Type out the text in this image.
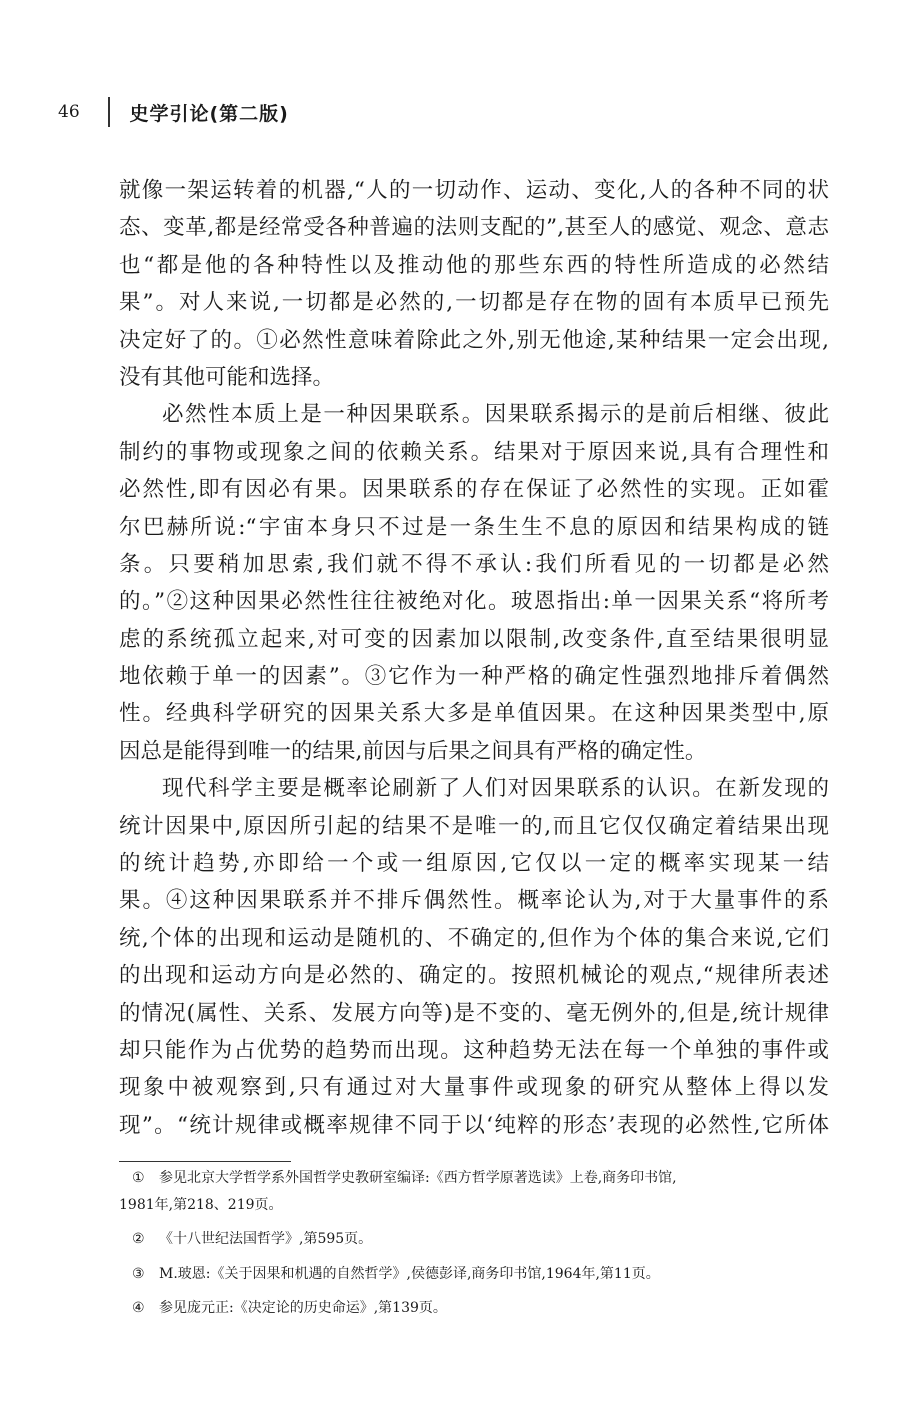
46	史学引论(第二版)
就像一架运转着的机器,“人的一切动作、运动、变化,人的各种不同的状
态、变革,都是经常受各种普遍的法则支配的”,甚至人的感觉、观念、意志
也“都是他的各种特性以及推动他的那些东西的特性所造成的必然结
果”。对人来说,一切都是必然的,一切都是存在物的固有本质早已预先
决定好了的。①必然性意味着除此之外,别无他途,某种结果一定会出现,
没有其他可能和选择。
必然性本质上是一种因果联系。因果联系揭示的是前后相继、彼此
制约的事物或现象之间的依赖关系。结果对于原因来说,具有合理性和
必然性,即有因必有果。因果联系的存在保证了必然性的实现。正如霍
尔巴赫所说:“宇宙本身只不过是一条生生不息的原因和结果构成的链
条。只要稍加思索,我们就不得不承认:我们所看见的一切都是必然
的。”②这种因果必然性往往被绝对化。玻恩指出:单一因果关系“将所考
虑的系统孤立起来,对可变的因素加以限制,改变条件,直至结果很明显
地依赖于单一的因素”。③它作为一种严格的确定性强烈地排斥着偶然
性。经典科学研究的因果关系大多是单值因果。在这种因果类型中,原
因总是能得到唯一的结果,前因与后果之间具有严格的确定性。
现代科学主要是概率论刷新了人们对因果联系的认识。在新发现的
统计因果中,原因所引起的结果不是唯一的,而且它仅仅确定着结果出现
的统计趋势,亦即给一个或一组原因,它仅以一定的概率实现某一结
果。④这种因果联系并不排斥偶然性。概率论认为,对于大量事件的系
统,个体的出现和运动是随机的、不确定的,但作为个体的集合来说,它们
的出现和运动方向是必然的、确定的。按照机械论的观点,“规律所表述
的情况(属性、关系、发展方向等)是不变的、毫无例外的,但是,统计规律
却只能作为占优势的趋势而出现。这种趋势无法在每一个单独的事件或
现象中被观察到,只有通过对大量事件或现象的研究从整体上得以发
现”。“统计规律或概率规律不同于以‘纯粹的形态’表现的必然性,它所体
① 参见北京大学哲学系外国哲学史教研室编译:《西方哲学原著选读》上卷,商务印书馆,
1981年,第218、219页。
② 《十八世纪法国哲学》,第595页。
③ M.玻恩:《关于因果和机遇的自然哲学》,侯德彭译,商务印书馆,1964年,第11页。
④ 参见庞元正:《决定论的历史命运》,第139页。
